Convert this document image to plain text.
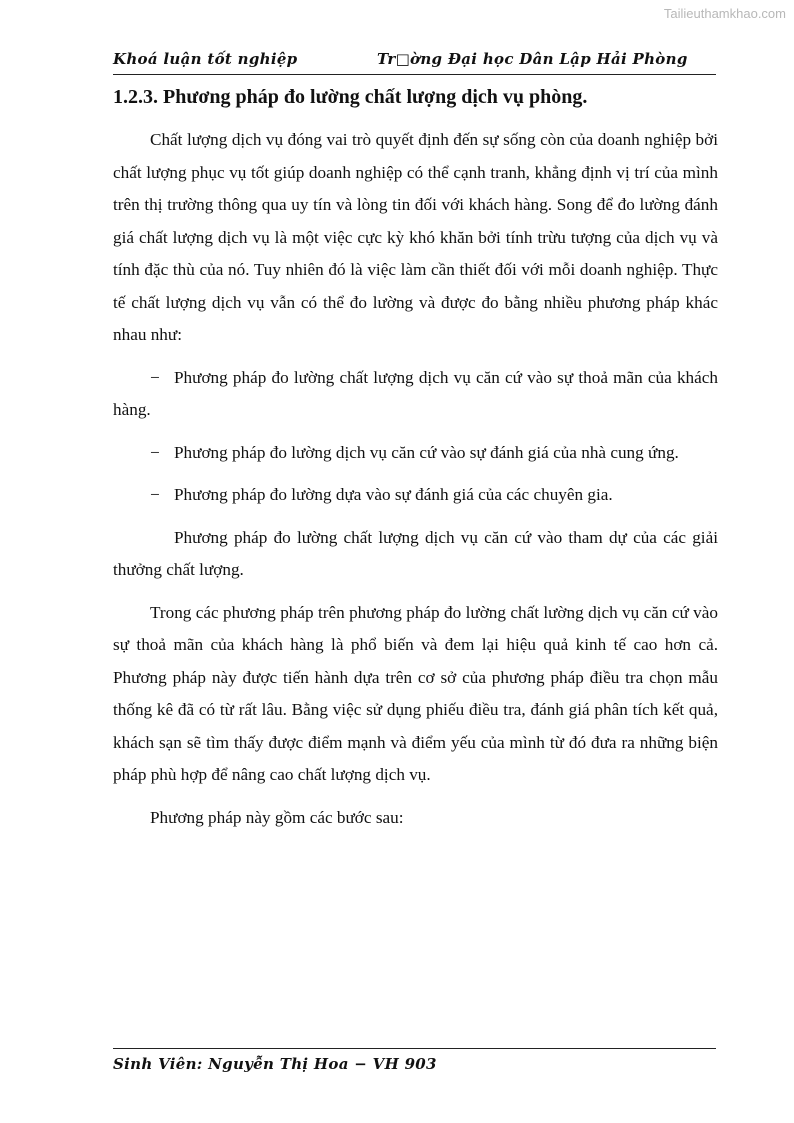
Tailieuthamkhao.com
Khoá luận tốt nghiệp	Tr□ờng Đại học Dân Lập Hải Phòng
1.2.3. Phương pháp đo lường chất lượng dịch vụ phòng.

Chất lượng dịch vụ đóng vai trò quyết định đến sự sống còn của doanh nghiệp bởi chất lượng phục vụ tốt giúp doanh nghiệp có thể cạnh tranh, khẳng định vị trí của mình trên thị trường thông qua uy tín và lòng tin đối với khách hàng. Song để đo lường đánh giá chất lượng dịch vụ là một việc cực kỳ khó khăn bởi tính trừu tượng của dịch vụ và tính đặc thù của nó. Tuy nhiên đó là việc làm cần thiết đối với mỗi doanh nghiệp. Thực tế chất lượng dịch vụ vẫn có thể đo lường và được đo bằng nhiều phương pháp khác nhau như:

− Phương pháp đo lường chất lượng dịch vụ căn cứ vào sự thoả mãn của khách hàng.
− Phương pháp đo lường dịch vụ căn cứ vào sự đánh giá của nhà cung ứng.
− Phương pháp đo lường dựa vào sự đánh giá của các chuyên gia.

Phương pháp đo lường chất lượng dịch vụ căn cứ vào tham dự của các giải thưởng chất lượng.

Trong các phương pháp trên phương pháp đo lường chất lường dịch vụ căn cứ vào sự thoả mãn của khách hàng là phổ biến và đem lại hiệu quả kinh tế cao hơn cả. Phương pháp này được tiến hành dựa trên cơ sở của phương pháp điều tra chọn mẫu thống kê đã có từ rất lâu. Bằng việc sử dụng phiếu điều tra, đánh giá phân tích kết quả, khách sạn sẽ tìm thấy được điểm mạnh và điểm yếu của mình từ đó đưa ra những biện pháp phù hợp để nâng cao chất lượng dịch vụ.

Phương pháp này gồm các bước sau:

Sinh Viên: Nguyễn Thị Hoa − VH 903
